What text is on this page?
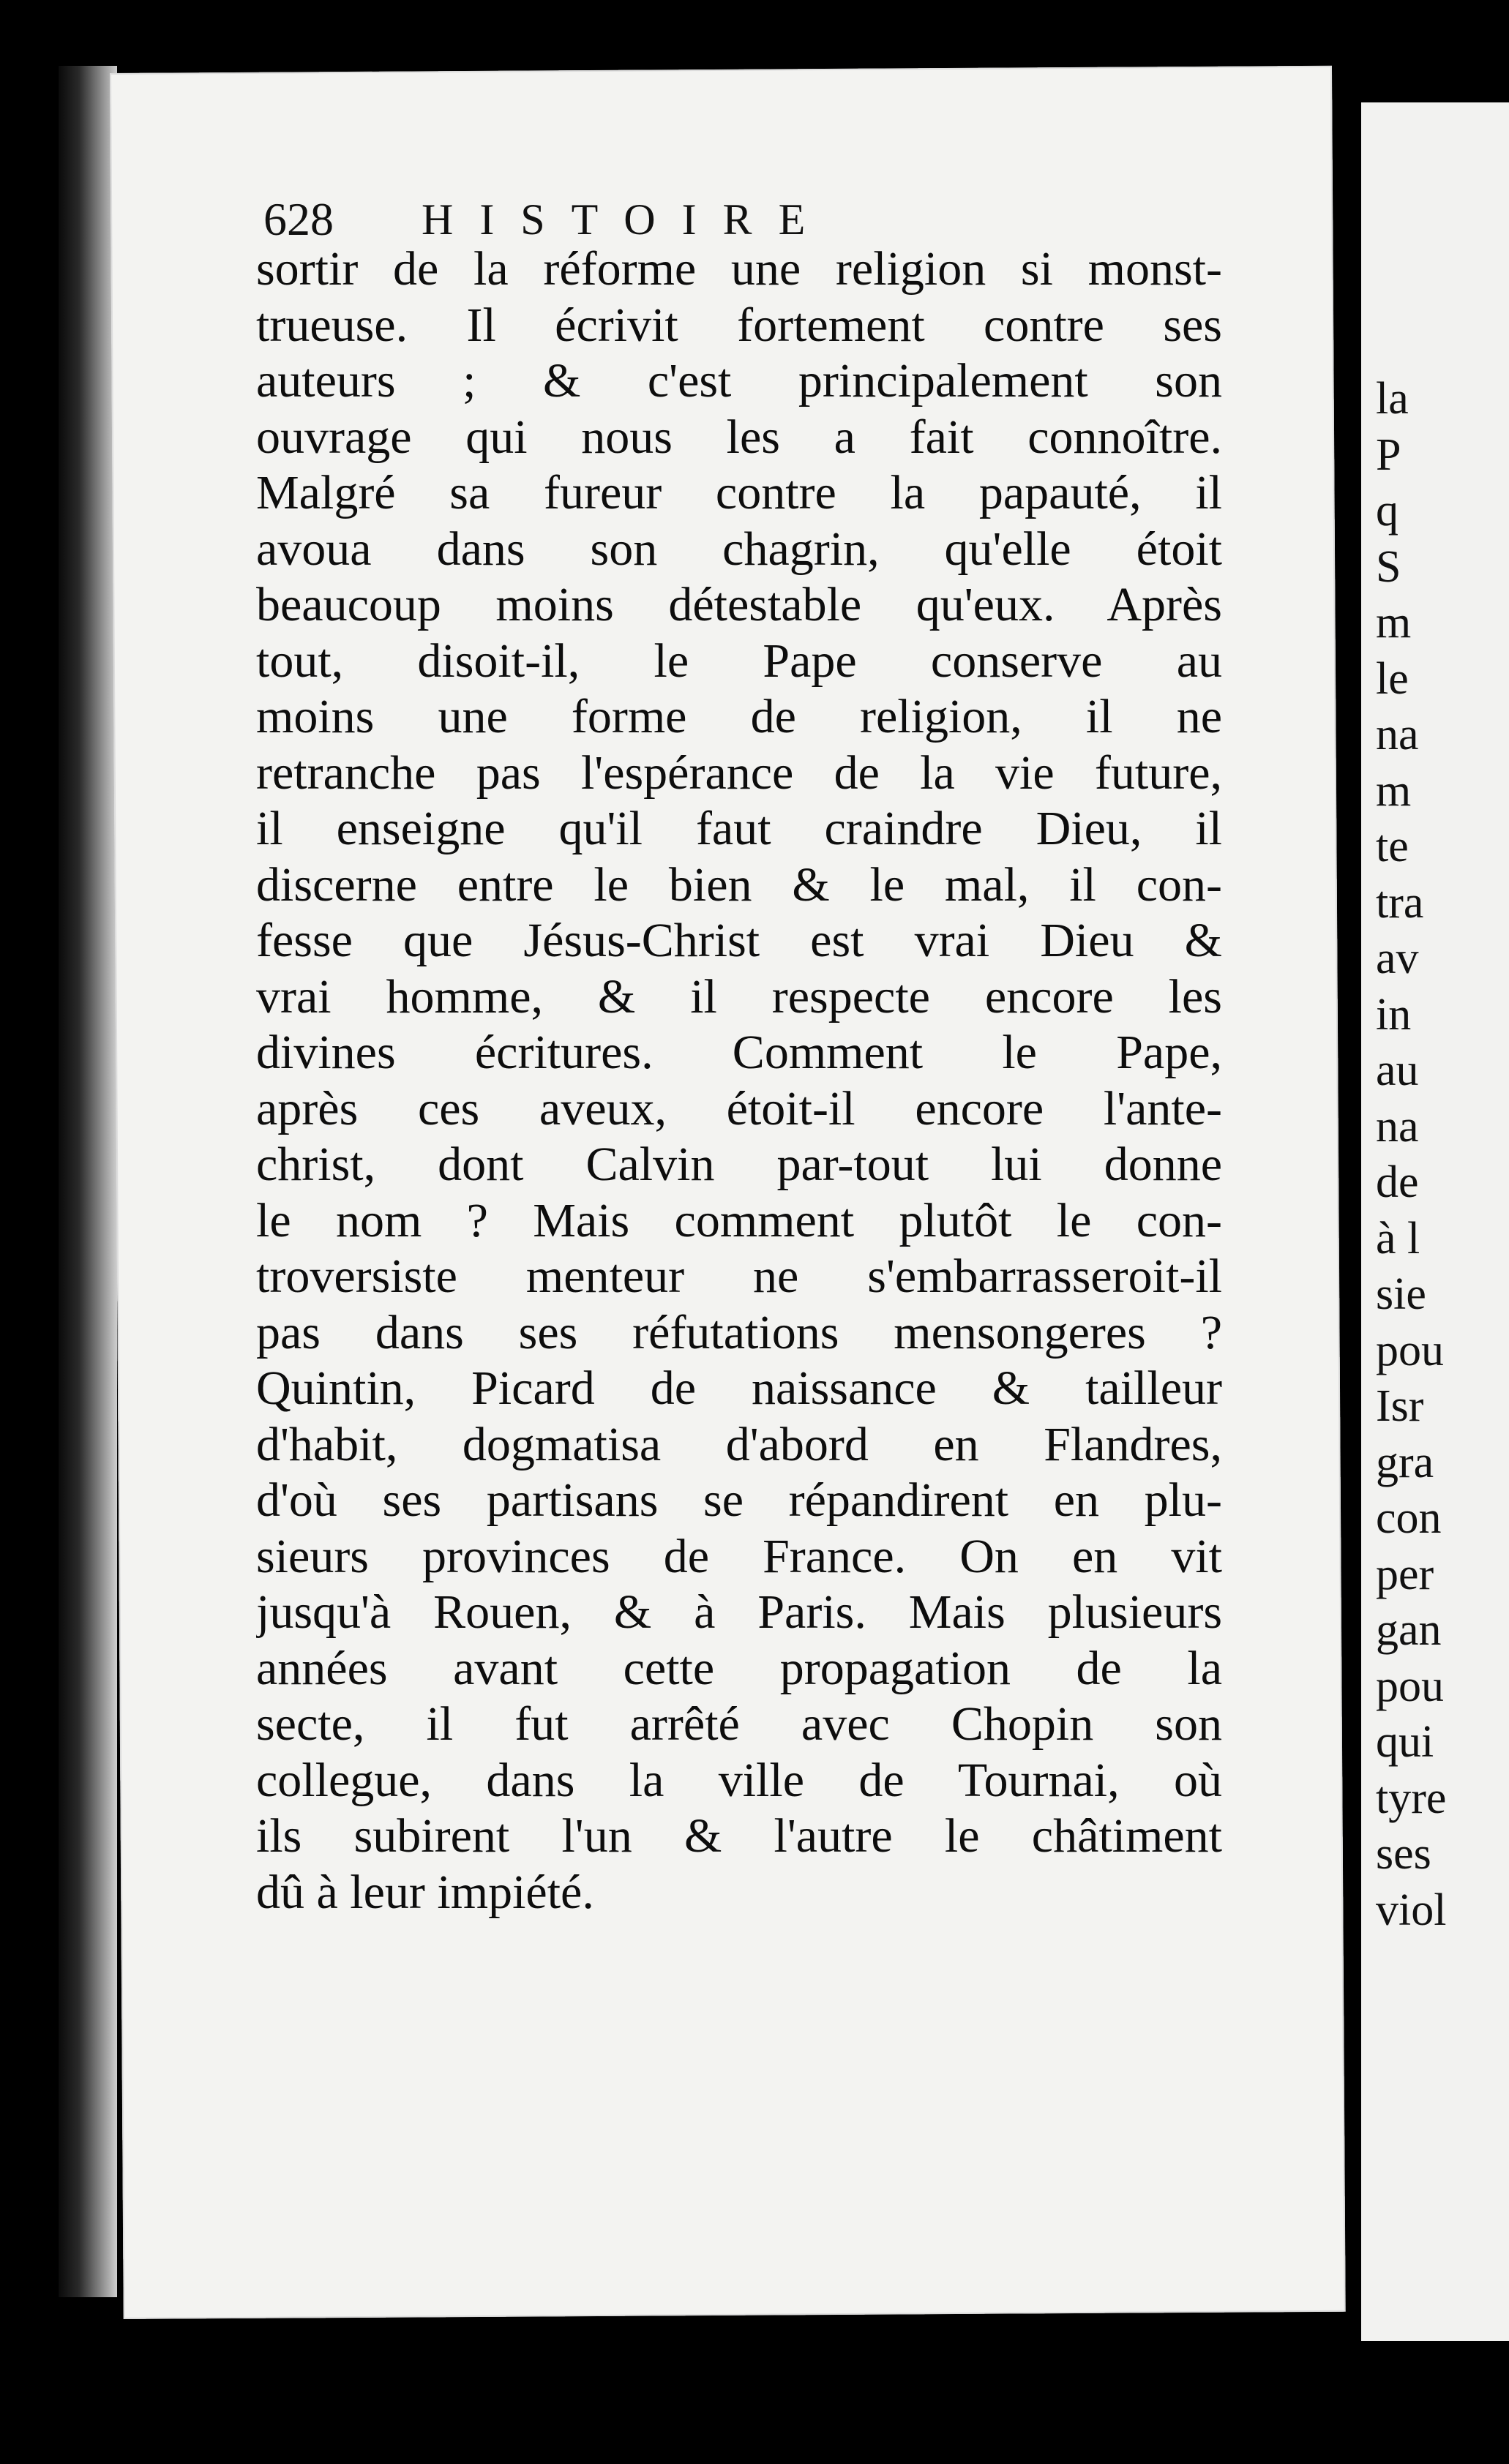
la
P
q
S
m
le
na
m
te
tra
av
in
au
na
de
à l
sie
pou
Isr
gra
con
per
gan
pou
qui
tyre
ses
viol
628 HISTOIRE
sortir de la réforme une religion si monst-
trueuse. Il écrivit fortement contre ses
auteurs ; & c'est principalement son
ouvrage qui nous les a fait connoître.
Malgré sa fureur contre la papauté, il
avoua dans son chagrin, qu'elle étoit
beaucoup moins détestable qu'eux. Après
tout, disoit-il, le Pape conserve au
moins une forme de religion, il ne
retranche pas l'espérance de la vie future,
il enseigne qu'il faut craindre Dieu, il
discerne entre le bien & le mal, il con-
fesse que Jésus-Christ est vrai Dieu &
vrai homme, & il respecte encore les
divines écritures. Comment le Pape,
après ces aveux, étoit-il encore l'ante-
christ, dont Calvin par-tout lui donne
le nom ? Mais comment plutôt le con-
troversiste menteur ne s'embarrasseroit-il
pas dans ses réfutations mensongeres ?
Quintin, Picard de naissance & tailleur
d'habit, dogmatisa d'abord en Flandres,
d'où ses partisans se répandirent en plu-
sieurs provinces de France. On en vit
jusqu'à Rouen, & à Paris. Mais plusieurs
années avant cette propagation de la
secte, il fut arrêté avec Chopin son
collegue, dans la ville de Tournai, où
ils subirent l'un & l'autre le châtiment
dû à leur impiété.
